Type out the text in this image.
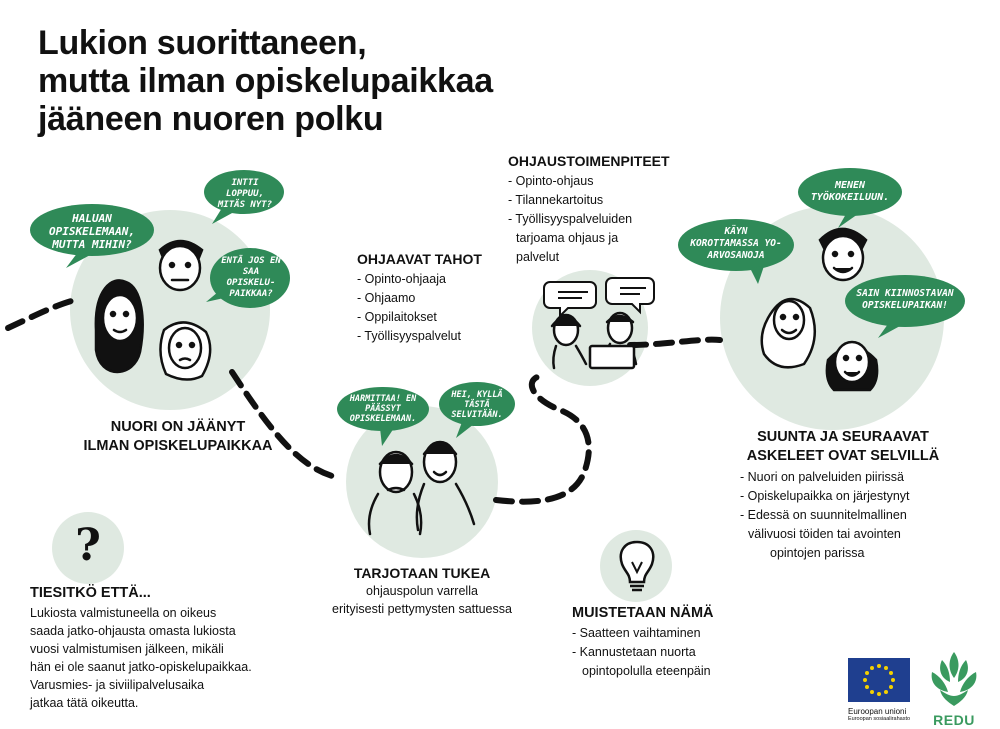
HALUAN OPISKELEMAAN, MUTTA MIHIN?
INTTI LOPPUU, MITÄS NYT?
ENTÄ JOS EN SAA OPISKELU-PAIKKAA?
HARMITTAA! EN PÄÄSSYT OPISKELEMAAN.
HEI, KYLLÄ TÄSTÄ SELVITÄÄN.
KÄYN KOROTTAMASSA YO-ARVOSANOJA
MENEN TYÖKOKEILUUN.
SAIN KIINNOSTAVAN OPISKELUPAIKAN!
Lukion suorittaneen,
mutta ilman opiskelupaikkaa
jääneen nuoren polku
NUORI ON JÄÄNYT
ILMAN OPISKELUPAIKKAA
OHJAAVAT TAHOT
- Opinto-ohjaaja
- Ohjaamo
- Oppilaitokset
- Työllisyyspalvelut
OHJAUSTOIMENPITEET
- Opinto-ohjaus
- Tilannekartoitus
- Työllisyyspalveluiden
tarjoama ohjaus ja
palvelut
TARJOTAAN TUKEA
ohjauspolun varrella
erityisesti pettymysten sattuessa
SUUNTA JA SEURAAVAT
ASKELEET OVAT SELVILLÄ
- Nuori on palveluiden piirissä
- Opiskelupaikka on järjestynyt
- Edessä on suunnitelmallinen
välivuosi töiden tai avointen
opintojen parissa
?
TIESITKÖ ETTÄ...
Lukiosta valmistuneella on oikeus
saada jatko-ohjausta omasta lukiosta
vuosi valmistumisen jälkeen, mikäli
hän ei ole saanut jatko-opiskelupaikkaa.
Varusmies- ja siviilipalvelusaika
jatkaa tätä oikeutta.
MUISTETAAN NÄMÄ
- Saatteen vaihtaminen
- Kannustetaan nuorta
opintopolulla eteenpäin
Euroopan unioni
Euroopan sosiaalirahasto	REDU
